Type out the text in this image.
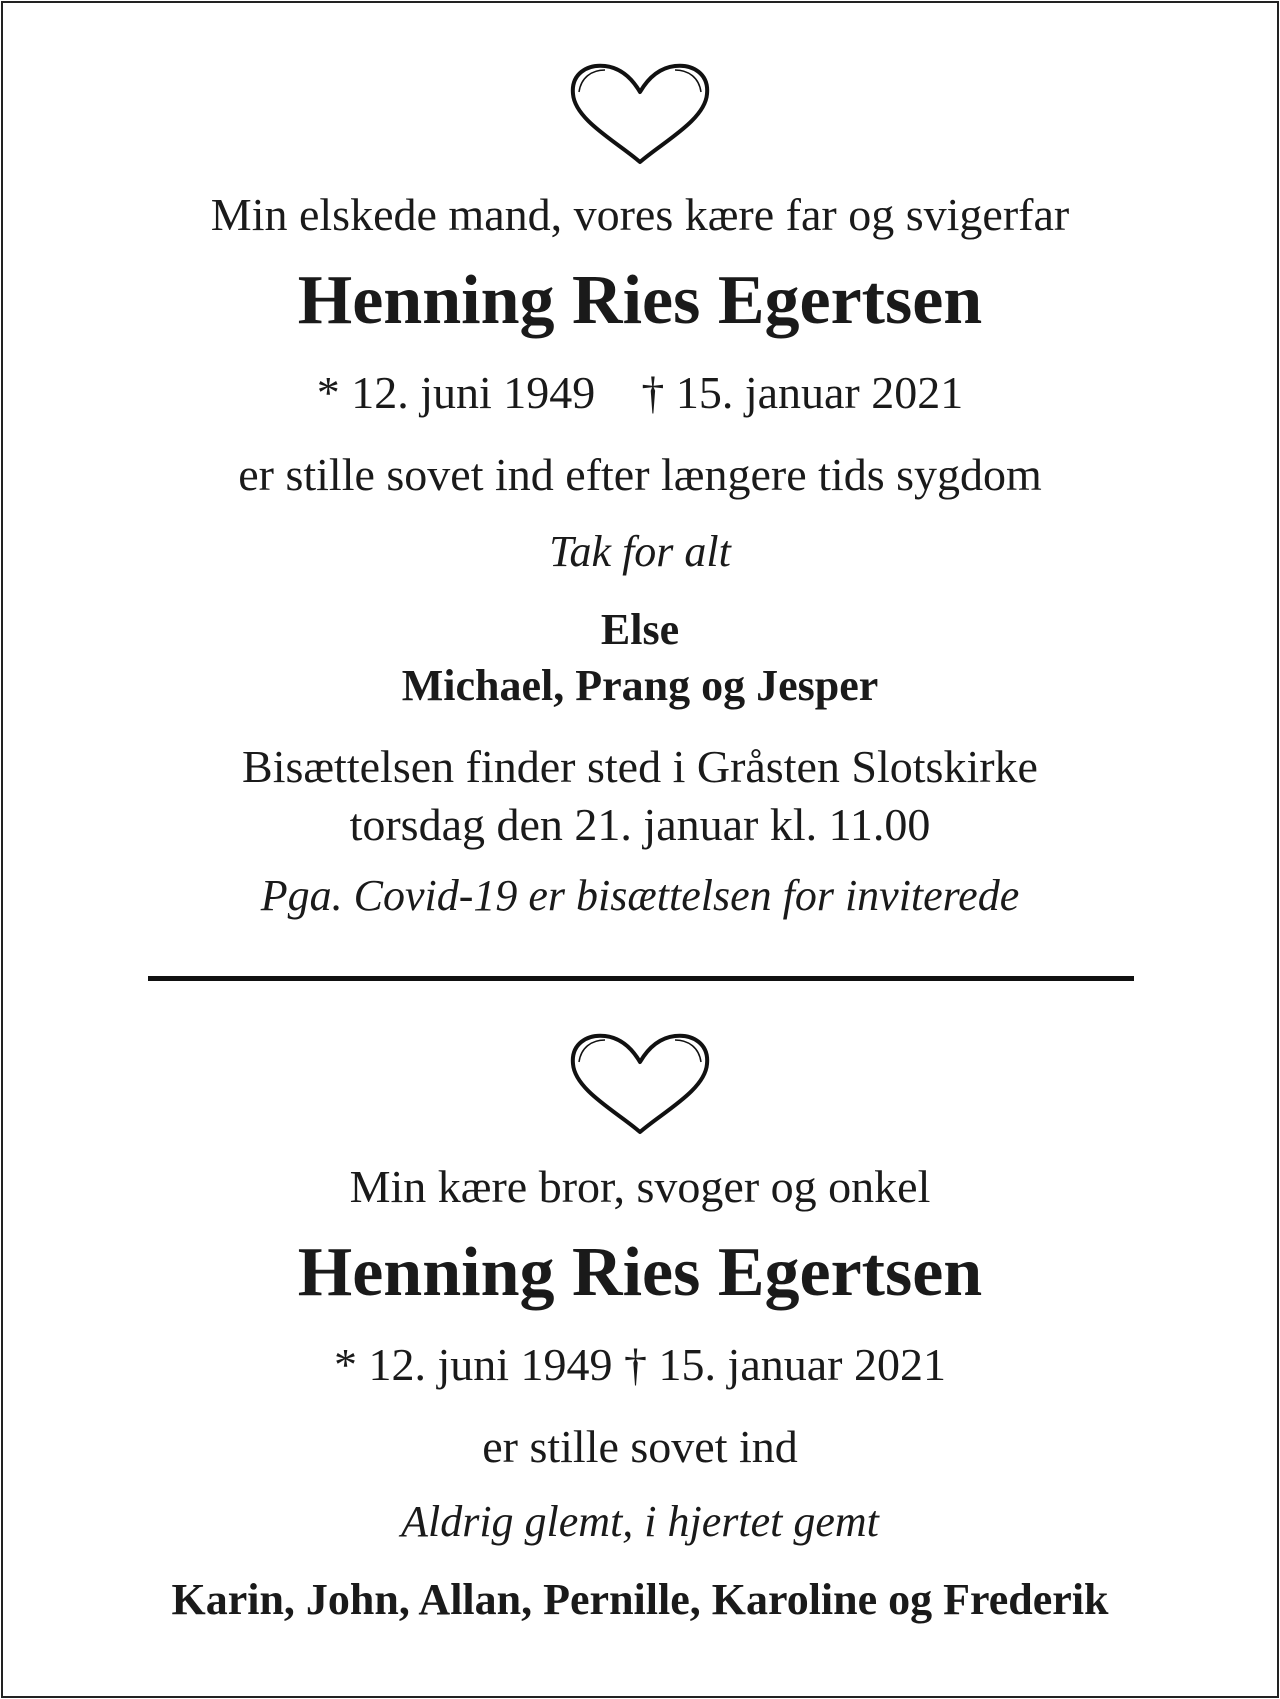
Min elskede mand, vores kære far og svigerfar
Henning Ries Egertsen
* 12. juni 1949 † 15. januar 2021
er stille sovet ind efter længere tids sygdom
Tak for alt
Else
Michael, Prang og Jesper
Bisættelsen finder sted i Gråsten Slotskirke
torsdag den 21. januar kl. 11.00
Pga. Covid-19 er bisættelsen for inviterede
Min kære bror, svoger og onkel
Henning Ries Egertsen
* 12. juni 1949 † 15. januar 2021
er stille sovet ind
Aldrig glemt, i hjertet gemt
Karin, John, Allan, Pernille, Karoline og Frederik
